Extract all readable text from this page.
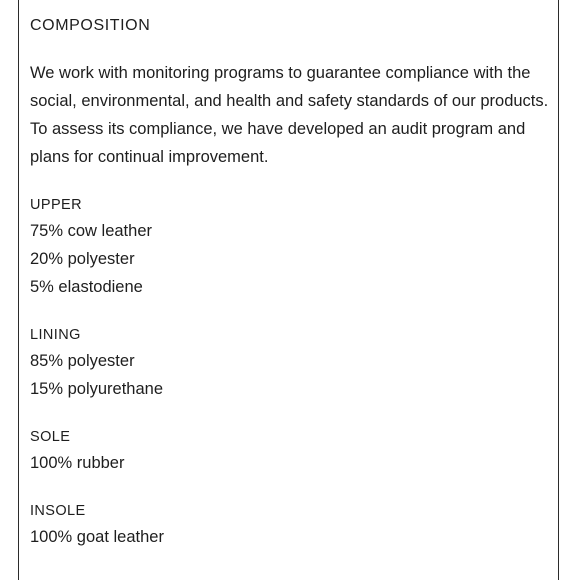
COMPOSITION

We work with monitoring programs to guarantee compliance with the social, environmental, and health and safety standards of our products. To assess its compliance, we have developed an audit program and plans for continual improvement.

UPPER
75% cow leather
20% polyester
5% elastodiene
LINING
85% polyester
15% polyurethane
SOLE
100% rubber
INSOLE
100% goat leather
